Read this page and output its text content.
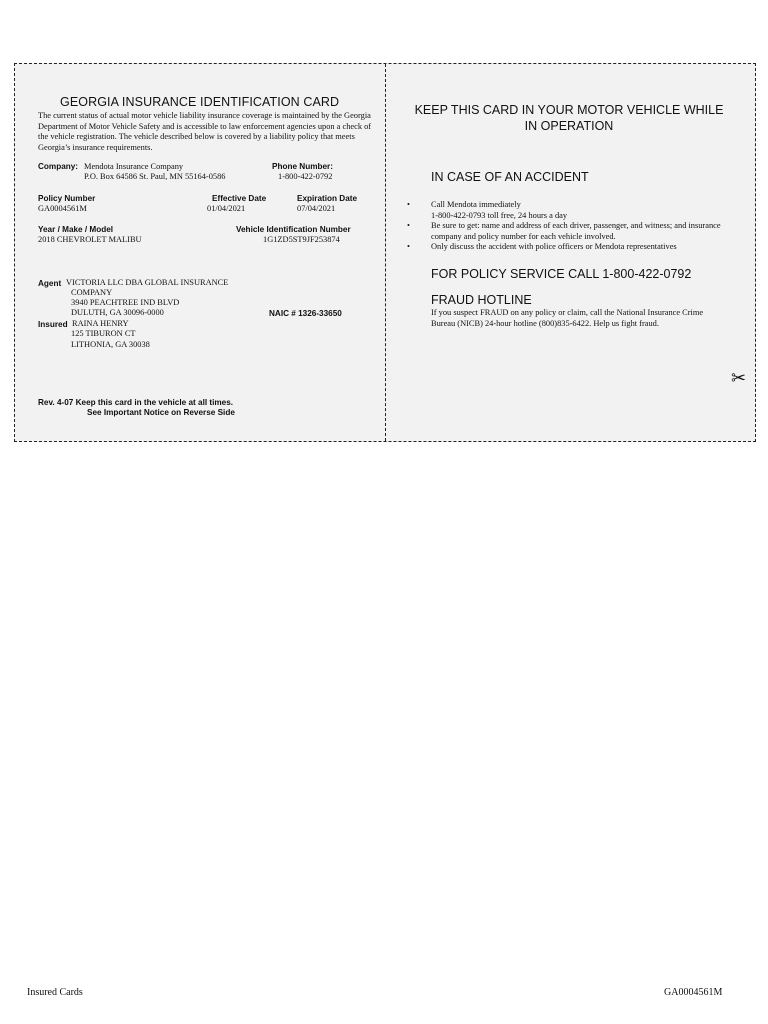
GEORGIA INSURANCE IDENTIFICATION CARD
The current status of actual motor vehicle liability insurance coverage is maintained by the Georgia Department of Motor Vehicle Safety and is accessible to law enforcement agencies upon a check of the vehicle registration. The vehicle described below is covered by a liability policy that meets Georgia’s insurance requirements.
Company: Mendota Insurance Company
P.O. Box 64586 St. Paul, MN 55164-0586
Phone Number:
1-800-422-0792
Policy Number
GA0004561M
Effective Date
01/04/2021
Expiration Date
07/04/2021
Year / Make / Model
2018 CHEVROLET MALIBU
Vehicle Identification Number
1G1ZD5ST9JF253874
Agent VICTORIA LLC DBA GLOBAL INSURANCE
COMPANY
3940 PEACHTREE IND BLVD
DULUTH, GA 30096-0000	NAIC # 1326-33650
Insured RAINA HENRY
125 TIBURON CT
LITHONIA, GA 30038
Rev. 4-07 Keep this card in the vehicle at all times.
See Important Notice on Reverse Side
KEEP THIS CARD IN YOUR MOTOR VEHICLE WHILE IN OPERATION
IN CASE OF AN ACCIDENT
•	Call Mendota immediately
1-800-422-0793 toll free, 24 hours a day
•	Be sure to get: name and address of each driver, passenger, and witness; and insurance company and policy number for each vehicle involved.
•	Only discuss the accident with police officers or Mendota representatives
FOR POLICY SERVICE CALL 1-800-422-0792
FRAUD HOTLINE
If you suspect FRAUD on any policy or claim, call the National Insurance Crime Bureau (NICB) 24-hour hotline (800)835-6422. Help us fight fraud.
✂
Insured Cards	GA0004561M
